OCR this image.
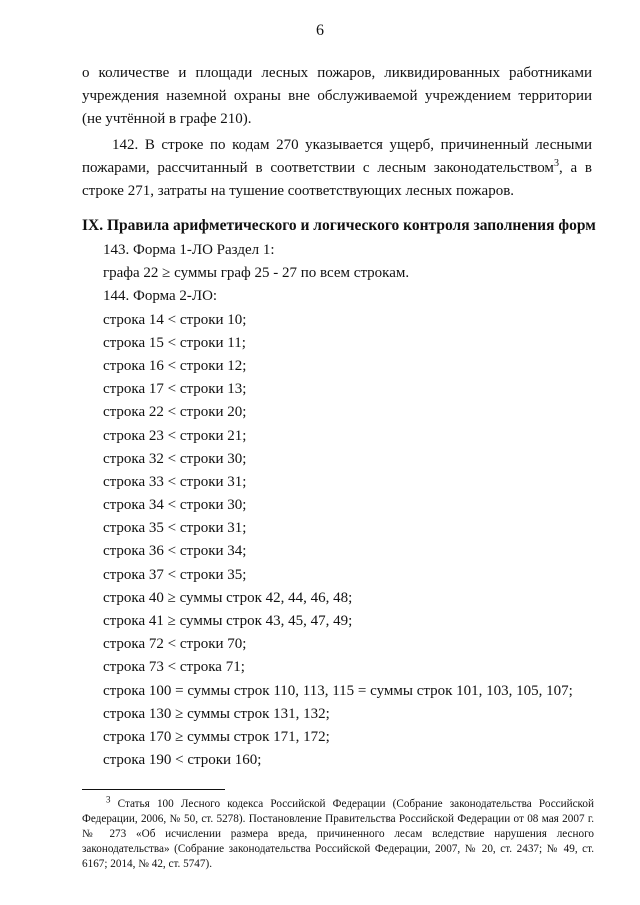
6
о количестве и площади лесных пожаров, ликвидированных работниками учреждения наземной охраны вне обслуживаемой учреждением территории (не учтённой в графе 210).
142. В строке по кодам 270 указывается ущерб, причиненный лесными пожарами, рассчитанный в соответствии с лесным законодательством$^3$, а в строке 271, затраты на тушение соответствующих лесных пожаров.
IX. Правила арифметического и логического контроля заполнения форм
143. Форма 1-ЛО Раздел 1:
графа 22 ≥ суммы граф 25 - 27 по всем строкам.
144. Форма 2-ЛО:
строка 14 < строки 10;
строка 15 < строки 11;
строка 16 < строки 12;
строка 17 < строки 13;
строка 22 < строки 20;
строка 23 < строки 21;
строка 32 < строки 30;
строка 33 < строки 31;
строка 34 < строки 30;
строка 35 < строки 31;
строка 36 < строки 34;
строка 37 < строки 35;
строка 40 ≥ суммы строк 42, 44, 46, 48;
строка 41 ≥ суммы строк 43, 45, 47, 49;
строка 72 < строки 70;
строка 73 < строка 71;
строка 100 = суммы строк 110, 113, 115 = суммы строк 101, 103, 105, 107;
строка 130 ≥ суммы строк 131, 132;
строка 170 ≥ суммы строк 171, 172;
строка 190 < строки 160;
$^3$ Статья 100 Лесного кодекса Российской Федерации (Собрание законодательства Российской Федерации, 2006, № 50, ст. 5278). Постановление Правительства Российской Федерации от 08 мая 2007 г. № 273 «Об исчислении размера вреда, причиненного лесам вследствие нарушения лесного законодательства» (Собрание законодательства Российской Федерации, 2007, № 20, ст. 2437; № 49, ст. 6167; 2014, № 42, ст. 5747).
